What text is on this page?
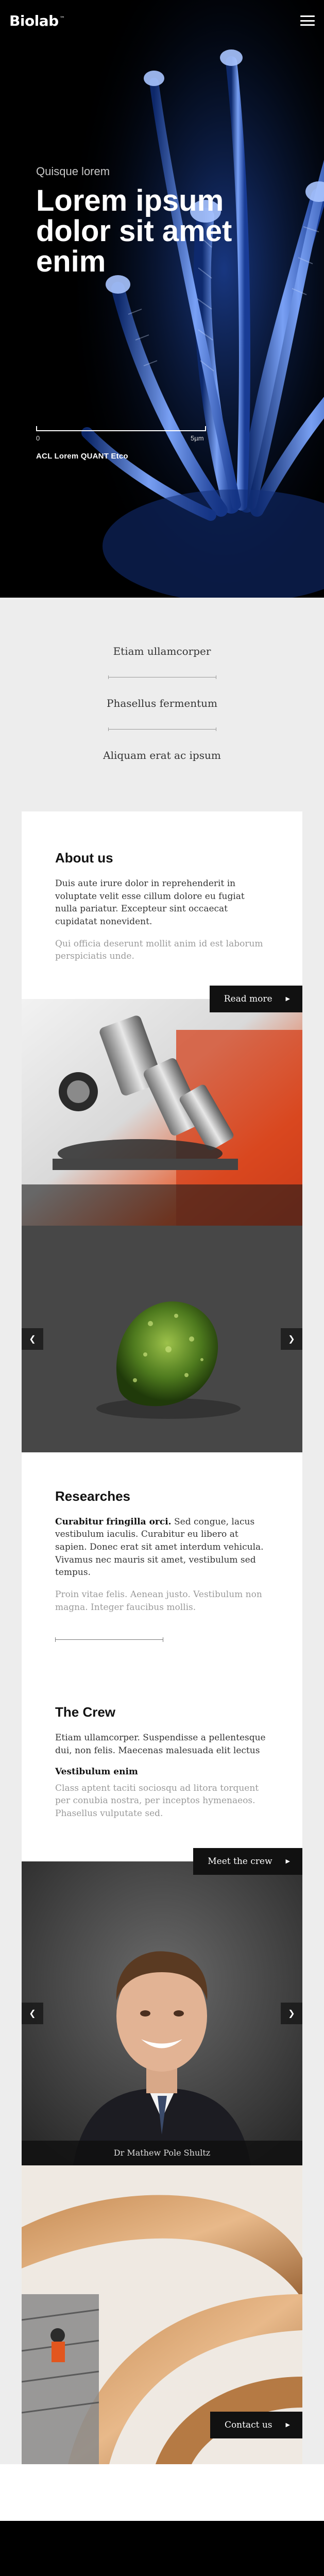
Biolab ™
Quisque lorem
Lorem ipsum dolor sit amet enim
0	5µm
ACL Lorem QUANT Etco
Etiam ullamcorper
Phasellus fermentum
Aliquam erat ac ipsum
About us

Duis aute irure dolor in reprehenderit in voluptate velit esse cillum dolore eu fugiat nulla pariatur. Excepteur sint occaecat cupidatat nonevident.

Qui officia deserunt mollit anim id est laborum perspiciatis unde.

Read more ▶
❮	❯
Researches

Curabitur fringilla orci. Sed congue, lacus vestibulum iaculis. Curabitur eu libero at sapien. Donec erat sit amet interdum vehicula. Vivamus nec mauris sit amet, vestibulum sed tempus.

Proin vitae felis. Aenean justo. Vestibulum non magna. Integer faucibus mollis.

The Crew

Etiam ullamcorper. Suspendisse a pellentesque dui, non felis. Maecenas malesuada elit lectus

Vestibulum enim

Class aptent taciti sociosqu ad litora torquent per conubia nostra, per inceptos hymenaeos. Phasellus vulputate sed.

Meet the crew ▶
❮	❯
Dr Mathew Pole Shultz
Contact us ▶
